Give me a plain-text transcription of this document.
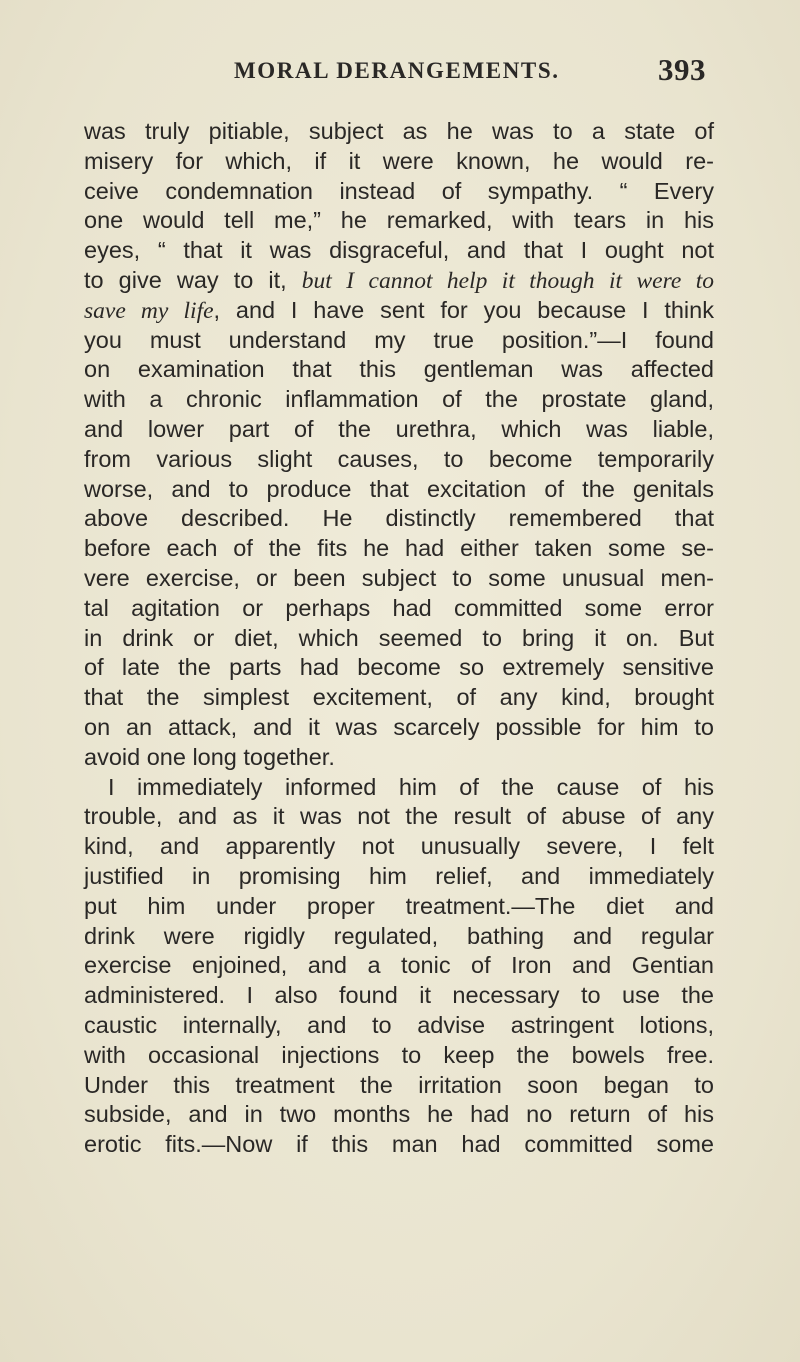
MORAL DERANGEMENTS.	393
was truly pitiable, subject as he was to a state of
misery for which, if it were known, he would re-
ceive condemnation instead of sympathy. “ Every
one would tell me,” he remarked, with tears in his
eyes, “ that it was disgraceful, and that I ought not
to give way to it, but I cannot help it though it were to
save my life, and I have sent for you because I think
you must understand my true position.”—I found
on examination that this gentleman was affected
with a chronic inflammation of the prostate gland,
and lower part of the urethra, which was liable,
from various slight causes, to become temporarily
worse, and to produce that excitation of the genitals
above described. He distinctly remembered that
before each of the fits he had either taken some se-
vere exercise, or been subject to some unusual men-
tal agitation or perhaps had committed some error
in drink or diet, which seemed to bring it on. But
of late the parts had become so extremely sensitive
that the simplest excitement, of any kind, brought
on an attack, and it was scarcely possible for him to
avoid one long together.
I immediately informed him of the cause of his
trouble, and as it was not the result of abuse of any
kind, and apparently not unusually severe, I felt
justified in promising him relief, and immediately
put him under proper treatment.—The diet and
drink were rigidly regulated, bathing and regular
exercise enjoined, and a tonic of Iron and Gentian
administered. I also found it necessary to use the
caustic internally, and to advise astringent lotions,
with occasional injections to keep the bowels free.
Under this treatment the irritation soon began to
subside, and in two months he had no return of his
erotic fits.—Now if this man had committed some
